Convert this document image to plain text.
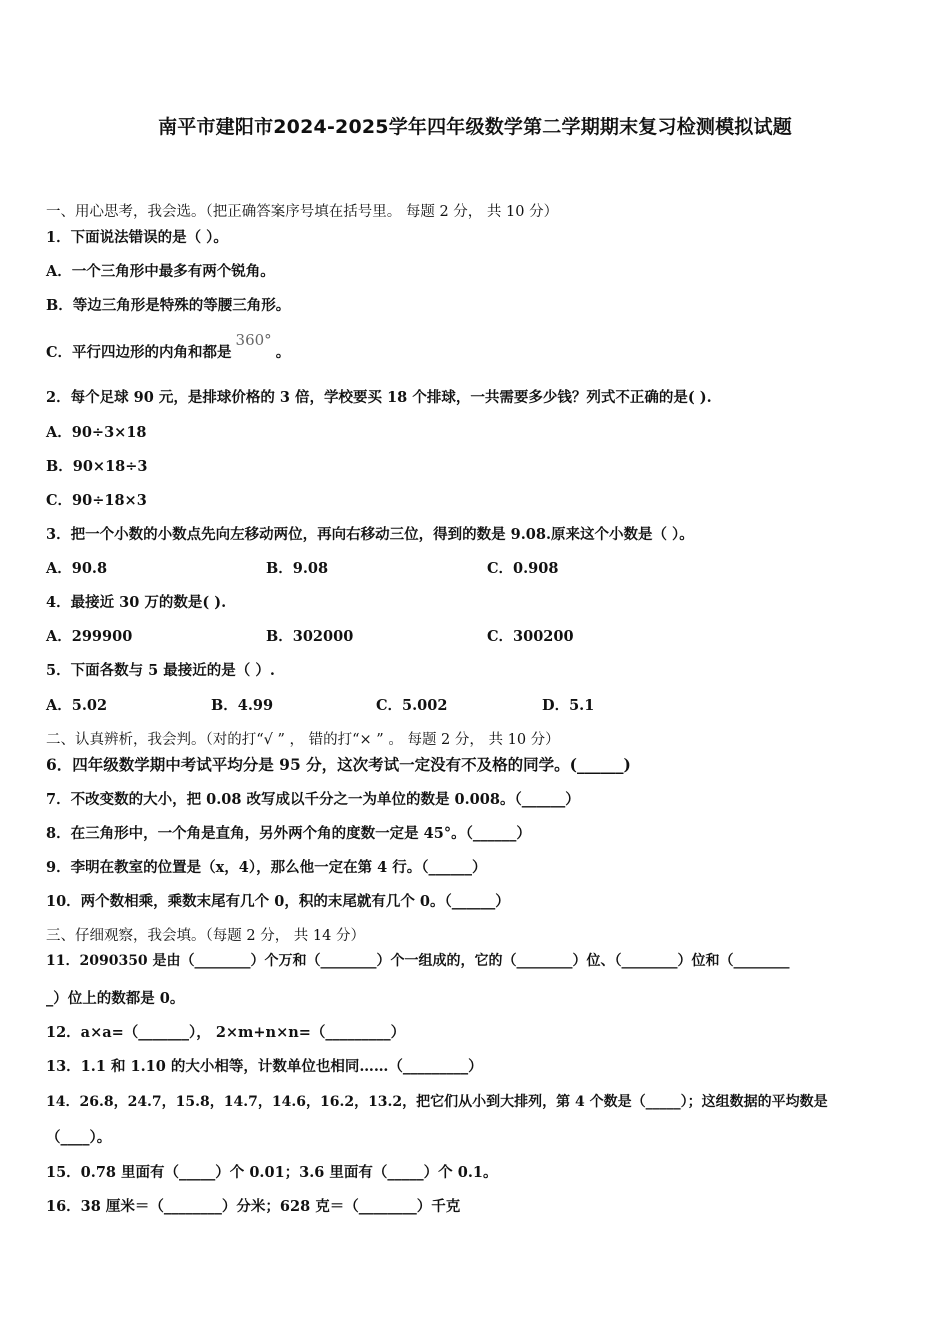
南平市建阳市2024-2025学年四年级数学第二学期期末复习检测模拟试题
一、用心思考，我会选。（把正确答案序号填在括号里。 每题 2 分， 共 10 分）
1．下面说法错误的是（ ）。
A．一个三角形中最多有两个锐角。
B．等边三角形是特殊的等腰三角形。
C．平行四边形的内角和都是360°。
2．每个足球 90 元，是排球价格的 3 倍，学校要买 18 个排球，一共需要多少钱？列式不正确的是( ).
A．90÷3×18
B．90×18÷3
C．90÷18×3
3．把一个小数的小数点先向左移动两位，再向右移动三位，得到的数是 9.08.原来这个小数是（ ）。
A．90.8	B．9.08	C．0.908
4．最接近 30 万的数是( ).
A．299900	B．302000	C．300200
5．下面各数与 5 最接近的是（ ）.
A．5.02	B．4.99	C．5.002	D．5.1
二、认真辨析，我会判。（对的打“√ ” ， 错的打“× ” 。 每题 2 分， 共 10 分）
6．四年级数学期中考试平均分是 95 分，这次考试一定没有不及格的同学。(______)
7．不改变数的大小，把 0.08 改写成以千分之一为单位的数是 0.008。（______）
8．在三角形中，一个角是直角，另外两个角的度数一定是 45°。（______）
9．李明在教室的位置是（x，4），那么他一定在第 4 行。（______）
10．两个数相乘，乘数末尾有几个 0，积的末尾就有几个 0。（______）
三、仔细观察，我会填。（每题 2 分， 共 14 分）
11．2090350 是由（________）个万和（________）个一组成的，它的（________）位、（________）位和（________
_）位上的数都是 0。
12．a×a=（_______）， 2×m+n×n=（_________）
13．1.1 和 1.10 的大小相等，计数单位也相同……（_________）
14．26.8，24.7，15.8，14.7，14.6，16.2，13.2，把它们从小到大排列，第 4 个数是（_____）；这组数据的平均数是
（____）。
15．0.78 里面有（_____）个 0.01；3.6 里面有（_____）个 0.1。
16．38 厘米＝（________）分米；628 克＝（________）千克
